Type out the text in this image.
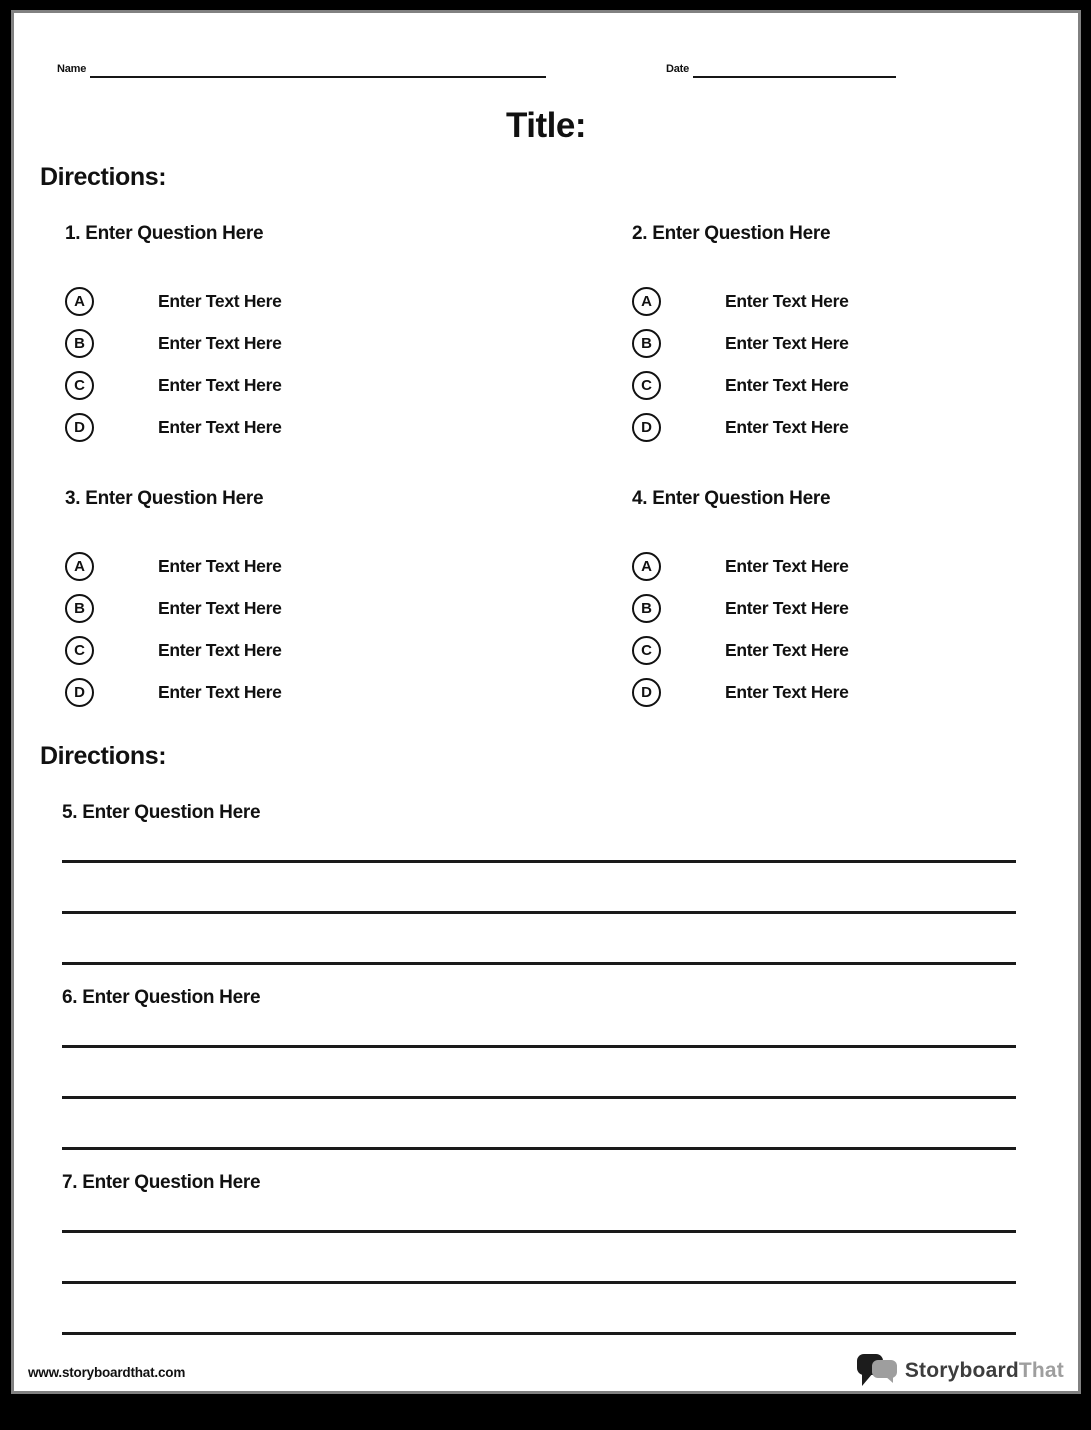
Name	Date
Title:
Directions:
1. Enter Question Here
A	Enter Text Here
B	Enter Text Here
C	Enter Text Here
D	Enter Text Here
2. Enter Question Here
A	Enter Text Here
B	Enter Text Here
C	Enter Text Here
D	Enter Text Here
3. Enter Question Here
A	Enter Text Here
B	Enter Text Here
C	Enter Text Here
D	Enter Text Here
4. Enter Question Here
A	Enter Text Here
B	Enter Text Here
C	Enter Text Here
D	Enter Text Here
Directions:
5. Enter Question Here
6. Enter Question Here
7. Enter Question Here
www.storyboardthat.com	StoryboardThat
